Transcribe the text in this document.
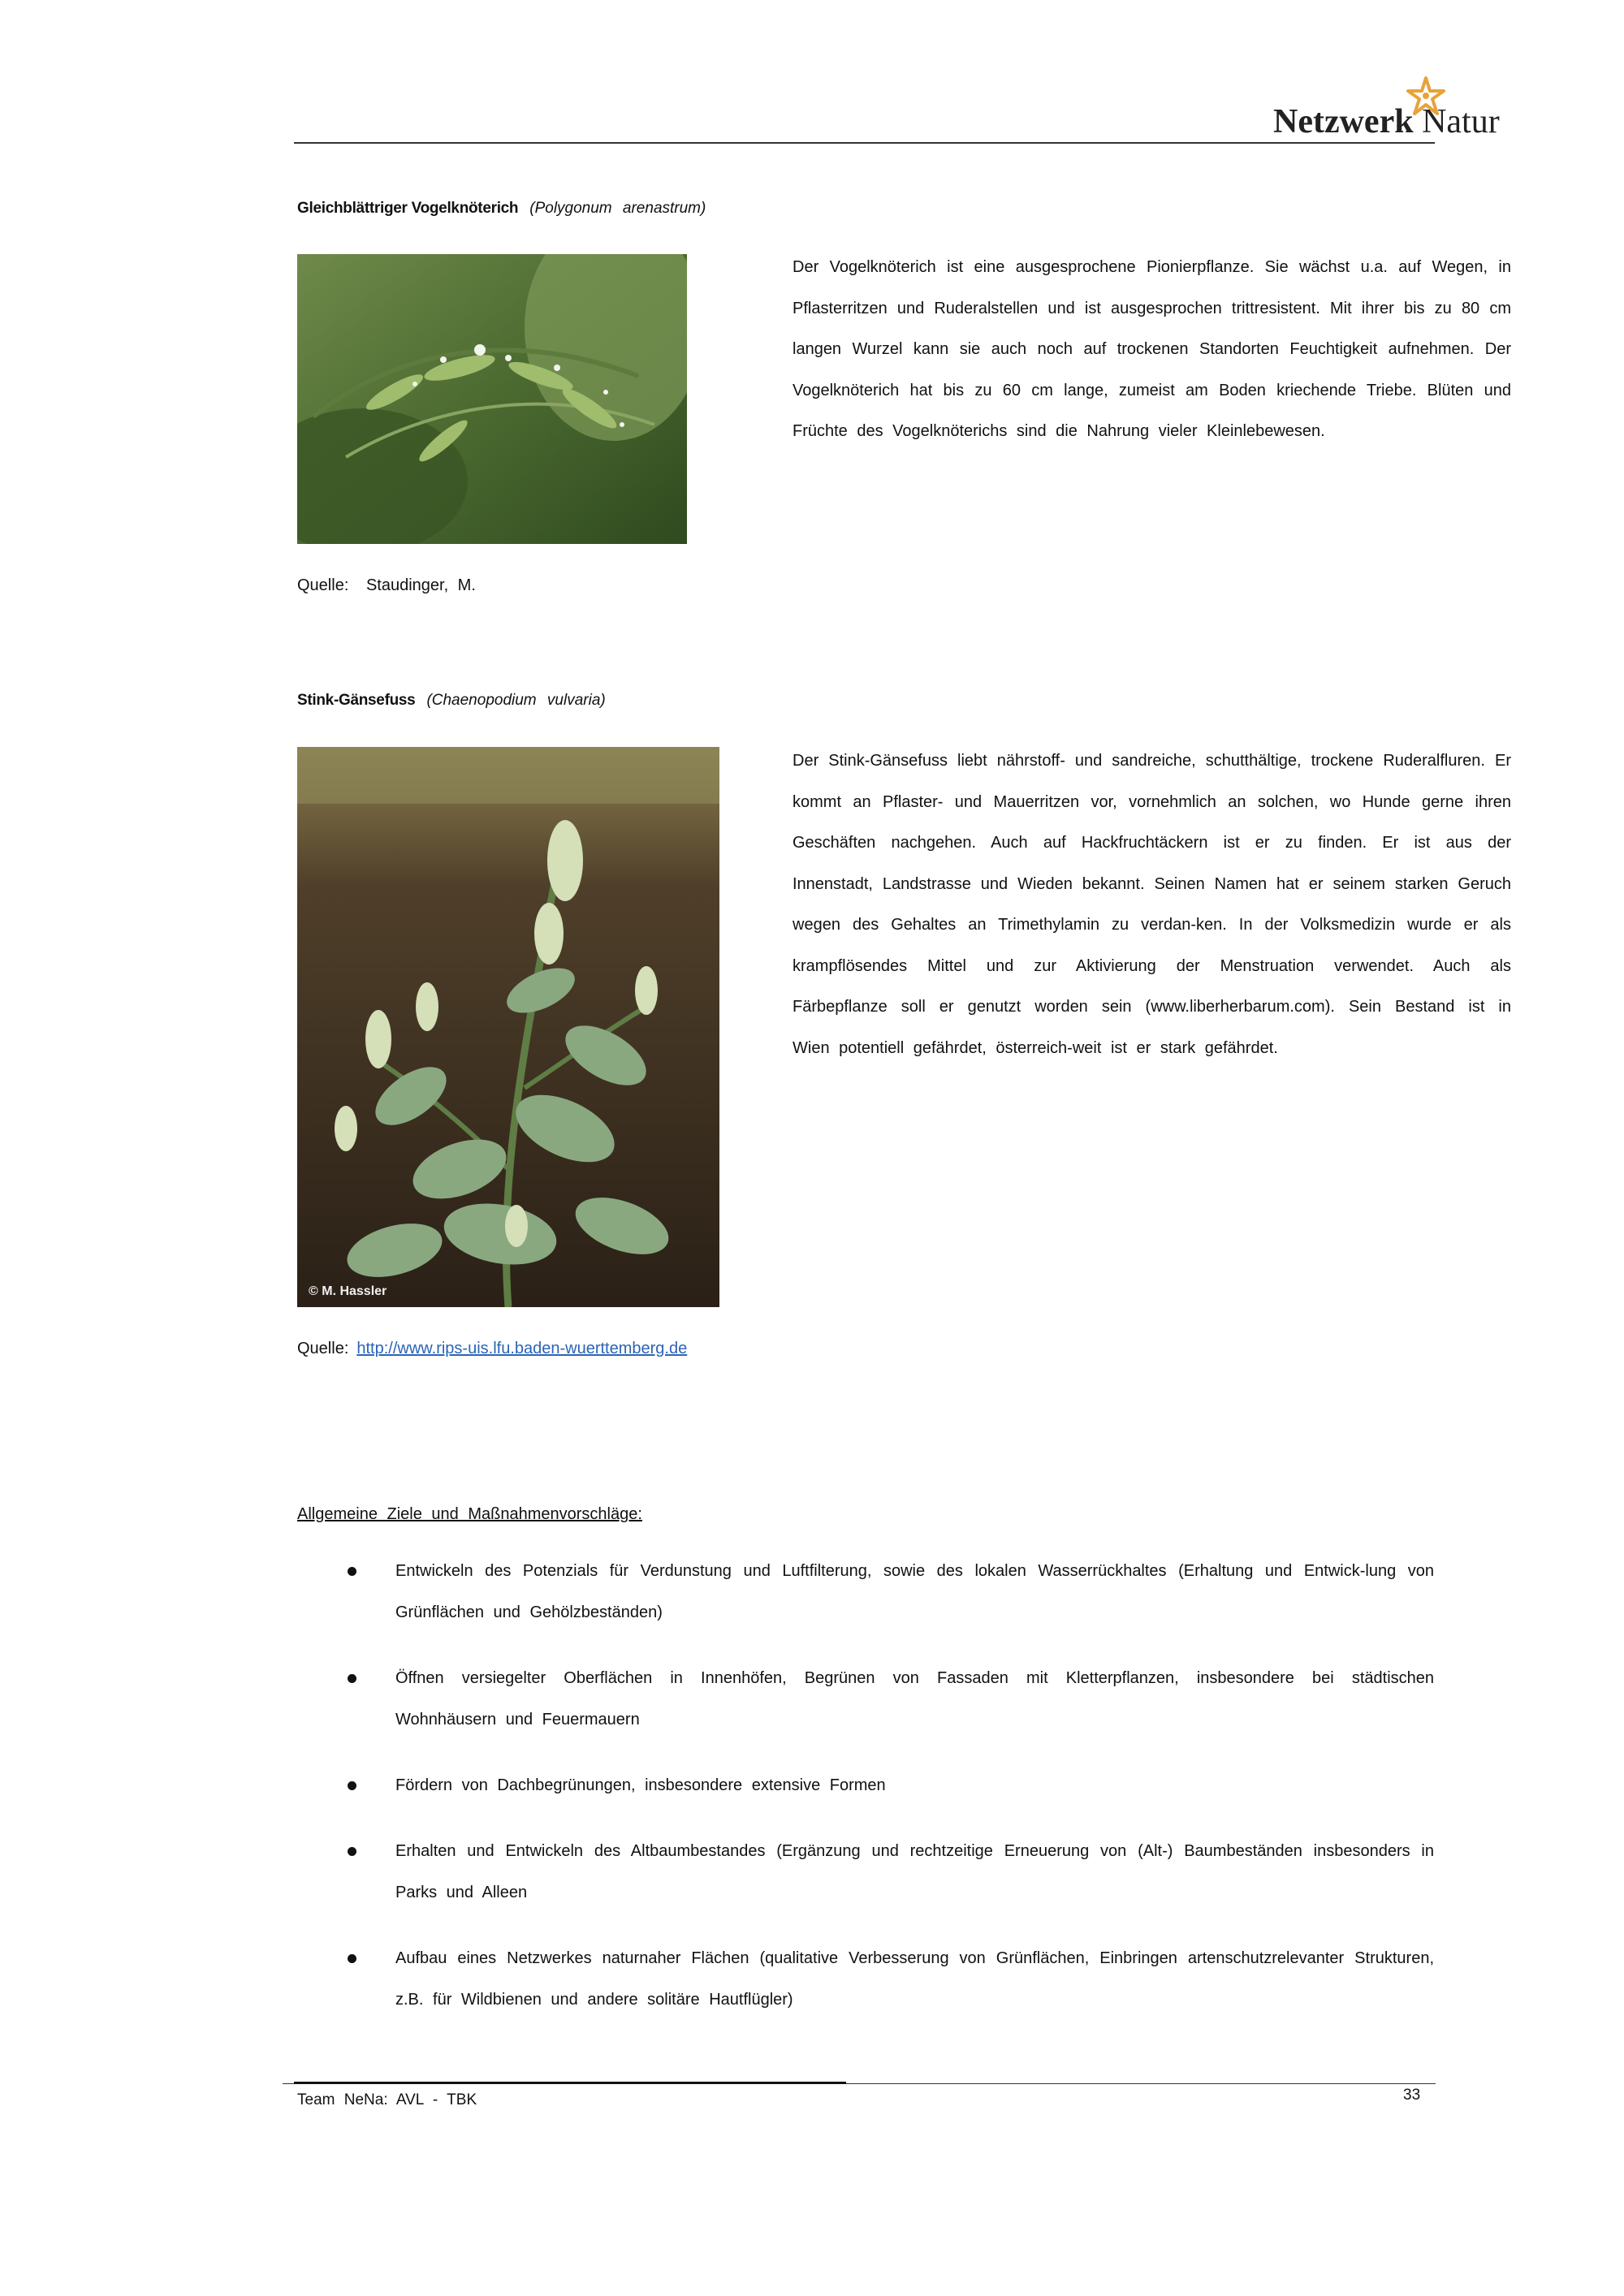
Netzwerk Natur
Gleichblättriger Vogelknöterich (Polygonum arenastrum)
Der Vogelknöterich ist eine ausgesprochene Pionierpflanze. Sie wächst u.a. auf Wegen, in Pflasterritzen und Ruderalstellen und ist ausgesprochen trittresistent. Mit ihrer bis zu 80 cm langen Wurzel kann sie auch noch auf trockenen Standorten Feuchtigkeit aufnehmen. Der Vogelknöterich hat bis zu 60 cm lange, zumeist am Boden kriechende Triebe. Blüten und Früchte des Vogelknöterichs sind die Nahrung vieler Kleinlebewesen.
Quelle: Staudinger, M.
Stink-Gänsefuss (Chaenopodium vulvaria)
© M. Hassler
Der Stink-Gänsefuss liebt nährstoff- und sandreiche, schutthältige, trockene Ruderalfluren. Er kommt an Pflaster- und Mauerritzen vor, vornehmlich an solchen, wo Hunde gerne ihren Geschäften nachgehen. Auch auf Hackfruchtäckern ist er zu finden. Er ist aus der Innenstadt, Landstrasse und Wieden bekannt. Seinen Namen hat er seinem starken Geruch wegen des Gehaltes an Trimethylamin zu verdan-ken. In der Volksmedizin wurde er als krampflösendes Mittel und zur Aktivierung der Menstruation verwendet. Auch als Färbepflanze soll er genutzt worden sein (www.liberherbarum.com). Sein Bestand ist in Wien potentiell gefährdet, österreich-weit ist er stark gefährdet.
Quelle: http://www.rips-uis.lfu.baden-wuerttemberg.de
Allgemeine Ziele und Maßnahmenvorschläge:
Entwickeln des Potenzials für Verdunstung und Luftfilterung, sowie des lokalen Wasserrückhaltes (Erhaltung und Entwick-lung von Grünflächen und Gehölzbeständen)
Öffnen versiegelter Oberflächen in Innenhöfen, Begrünen von Fassaden mit Kletterpflanzen, insbesondere bei städtischen Wohnhäusern und Feuermauern
Fördern von Dachbegrünungen, insbesondere extensive Formen
Erhalten und Entwickeln des Altbaumbestandes (Ergänzung und rechtzeitige Erneuerung von (Alt-) Baumbeständen insbesonders in Parks und Alleen
Aufbau eines Netzwerkes naturnaher Flächen (qualitative Verbesserung von Grünflächen, Einbringen artenschutzrelevanter Strukturen, z.B. für Wildbienen und andere solitäre Hautflügler)
Team NeNa: AVL - TBK	33
